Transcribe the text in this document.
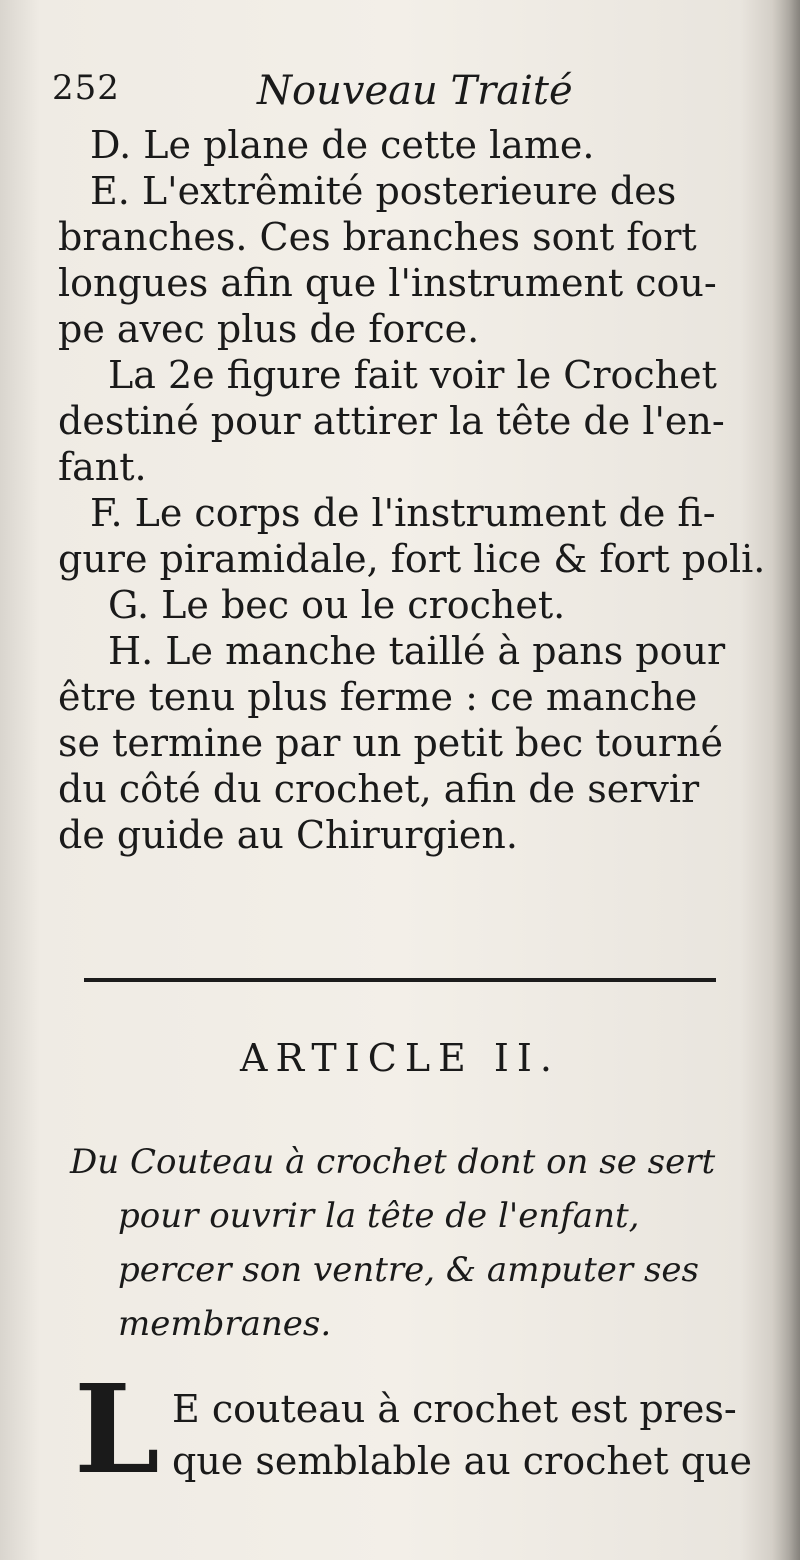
252	Nouveau Traité
D. Le plane de cette lame.
E. L'extrêmité posterieure des
branches. Ces branches sont fort
longues afin que l'instrument cou-
pe avec plus de force.
La 2e figure fait voir le Crochet
destiné pour attirer la tête de l'en-
fant.
F. Le corps de l'instrument de fi-
gure piramidale, fort lice & fort poli.
G. Le bec ou le crochet.
H. Le manche taillé à pans pour
être tenu plus ferme : ce manche
se termine par un petit bec tourné
du côté du crochet, afin de servir
de guide au Chirurgien.
ARTICLE II.
Du Couteau à crochet dont on se sert
pour ouvrir la tête de l'enfant,
percer son ventre, & amputer ses
membranes.
L E couteau à crochet est pres-
que semblable au crochet que
